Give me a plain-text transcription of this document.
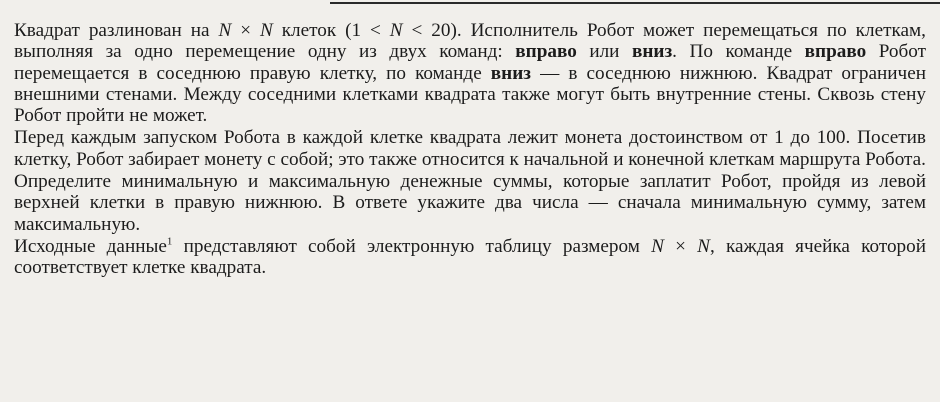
Квадрат разлинован на N × N клеток (1 < N < 20). Исполнитель Робот может перемещаться по клеткам, выполняя за одно перемещение одну из двух команд: вправо или вниз. По команде вправо Робот перемещается в соседнюю правую клетку, по команде вниз — в соседнюю нижнюю. Квадрат ограничен внешними стенами. Между соседними клетками квадрата также могут быть внутренние стены. Сквозь стену Робот пройти не может.

Перед каждым запуском Робота в каждой клетке квадрата лежит монета достоинством от 1 до 100. Посетив клетку, Робот забирает монету с собой; это также относится к начальной и конечной клеткам маршрута Робота.

Определите минимальную и максимальную денежные суммы, которые заплатит Робот, пройдя из левой верхней клетки в правую нижнюю. В ответе укажите два числа — сначала минимальную сумму, затем максимальную.

Исходные данные$^1$ представляют собой электронную таблицу размером N × N, каждая ячейка которой соответствует клетке квадрата.
